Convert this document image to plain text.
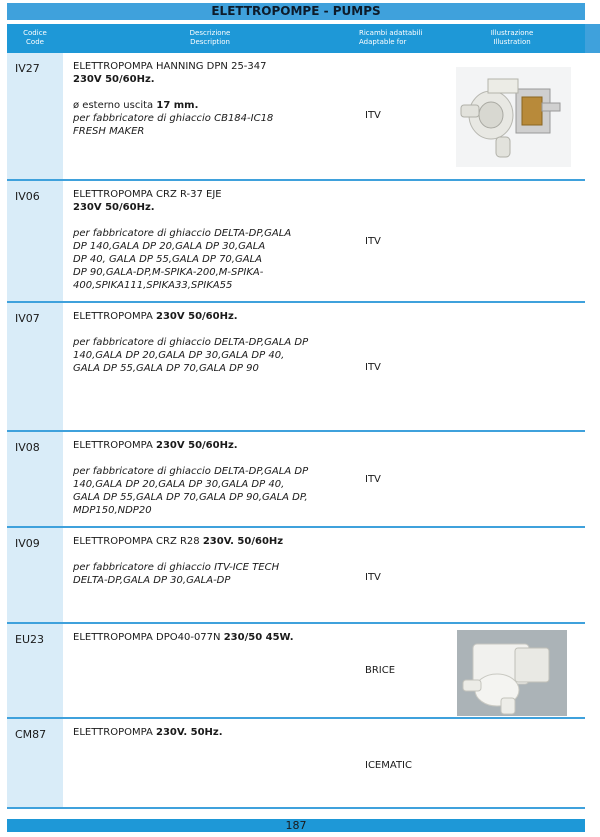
ELETTROPOMPE - PUMPS
Codice
Code
Descrizione
Description
Ricambi adattabili
Adaptable for
Illustrazione
Illustration
IV27	ELETTROPOMPA HANNING DPN 25-347
230V 50/60Hz.
ø esterno uscita 17 mm.
per fabbricatore di ghiaccio CB184-IC18
FRESH MAKER
ITV
IV06	ELETTROPOMPA CRZ R-37 EJE
230V 50/60Hz.
per fabbricatore di ghiaccio DELTA-DP,GALA
DP 140,GALA DP 20,GALA DP 30,GALA
DP 40, GALA DP 55,GALA DP 70,GALA
DP 90,GALA-DP,M-SPIKA-200,M-SPIKA-
400,SPIKA111,SPIKA33,SPIKA55
ITV
IV07	ELETTROPOMPA 230V 50/60Hz.
per fabbricatore di ghiaccio DELTA-DP,GALA DP
140,GALA DP 20,GALA DP 30,GALA DP 40,
GALA DP 55,GALA DP 70,GALA DP 90	ITV
IV08	ELETTROPOMPA 230V 50/60Hz.
per fabbricatore di ghiaccio DELTA-DP,GALA DP
140,GALA DP 20,GALA DP 30,GALA DP 40,
GALA DP 55,GALA DP 70,GALA DP 90,GALA DP,
MDP150,NDP20
ITV
IV09	ELETTROPOMPA CRZ R28 230V. 50/60Hz
per fabbricatore di ghiaccio ITV-ICE TECH
DELTA-DP,GALA DP 30,GALA-DP	ITV
EU23	ELETTROPOMPA DPO40-077N 230/50 45W.
BRICE
CM87	ELETTROPOMPA 230V. 50Hz.
ICEMATIC
187
